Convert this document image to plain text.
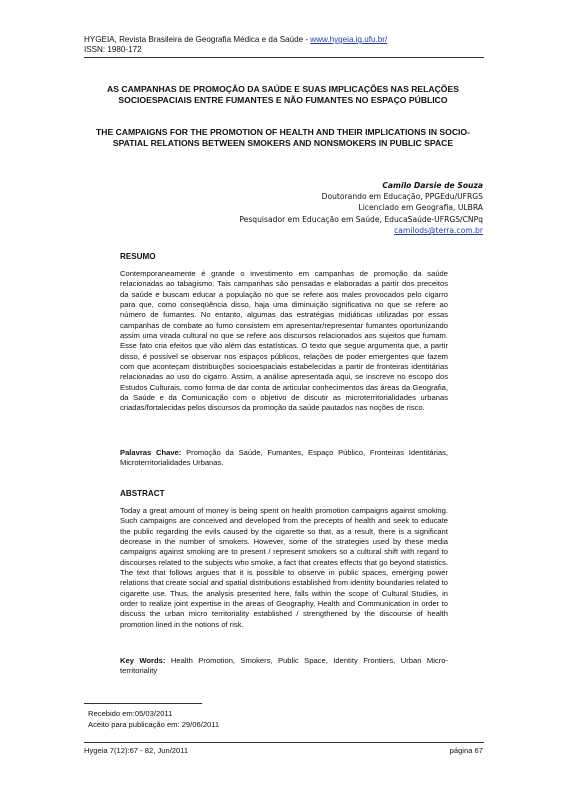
HYGEIA, Revista Brasileira de Geografia Médica e da Saúde - www.hygeia.ig.ufu.br/
ISSN: 1980-172
AS CAMPANHAS DE PROMOÇÃO DA SAÚDE E SUAS IMPLICAÇÕES NAS RELAÇÕES SOCIOESPACIAIS ENTRE FUMANTES E NÃO FUMANTES NO ESPAÇO PÚBLICO
THE CAMPAIGNS FOR THE PROMOTION OF HEALTH AND THEIR IMPLICATIONS IN SOCIO-SPATIAL RELATIONS BETWEEN SMOKERS AND NONSMOKERS IN PUBLIC SPACE
Camilo Darsie de Souza
Doutorando em Educação, PPGEdu/UFRGS
Licenciado em Geografia, ULBRA
Pesquisador em Educação em Saúde, EducaSaúde-UFRGS/CNPq
camilods@terra.com.br
RESUMO

Contemporaneamente é grande o investimento em campanhas de promoção da saúde relacionadas ao tabagismo. Tais campanhas são pensadas e elaboradas a partir dos preceitos da saúde e buscam educar a população no que se refere aos males provocados pelo cigarro para que, como conseqüência disso, haja uma diminuição significativa no que se refere ao número de fumantes. No entanto, algumas das estratégias midiáticas utilizadas por essas campanhas de combate ao fumo consistem em apresentar/representar fumantes oportunizando assim uma virada cultural no que se refere aos discursos relacionados aos sujeitos que fumam. Esse fato cria efeitos que vão além das estatísticas. O texto que segue argumenta que, a partir disso, é possível se observar nos espaços públicos, relações de poder emergentes que fazem com que aconteçam distribuições socioespaciais estabelecidas a partir de fronteiras identitárias relacionadas ao uso do cigarro. Assim, a análise apresentada aqui, se inscreve no escopo dos Estudos Culturais, como forma de dar conta de articular conhecimentos das áreas da Geografia, da Saúde e da Comunicação com o objetivo de discutir as microterritorialidades urbanas criadas/fortalecidas pelos discursos da promoção da saúde pautados nas noções de risco.

Palavras Chave: Promoção da Saúde, Fumantes, Espaço Público, Fronteiras Identitárias, Microterritorialidades Urbanas.

ABSTRACT

Today a great amount of money is being spent on health promotion campaigns against smoking. Such campaigns are conceived and developed from the precepts of health and seek to educate the public regarding the evils caused by the cigarette so that, as a result, there is a significant decrease in the number of smokers. However, some of the strategies used by these media campaigns against smoking are to present / represent smokers so a cultural shift with regard to discourses related to the subjects who smoke, a fact that creates effects that go beyond statistics. The text that follows argues that it is possible to observe in public spaces, emerging power relations that create social and spatial distributions established from identity boundaries related to cigarette use. Thus, the analysis presented here, falls within the scope of Cultural Studies, in order to realize joint expertise in the areas of Geography, Health and Communication in order to discuss the urban micro territoriality established / strengthened by the discourse of health promotion lined in the notions of risk.

Key Words: Health Promotion, Smokers, Public Space, Identity Frontiers, Urban Micro-territoriality

Recebido em:05/03/2011
Aceito para publicação em: 29/06/2011
Hygeia 7(12):67 - 82, Jun/2011	página 67
